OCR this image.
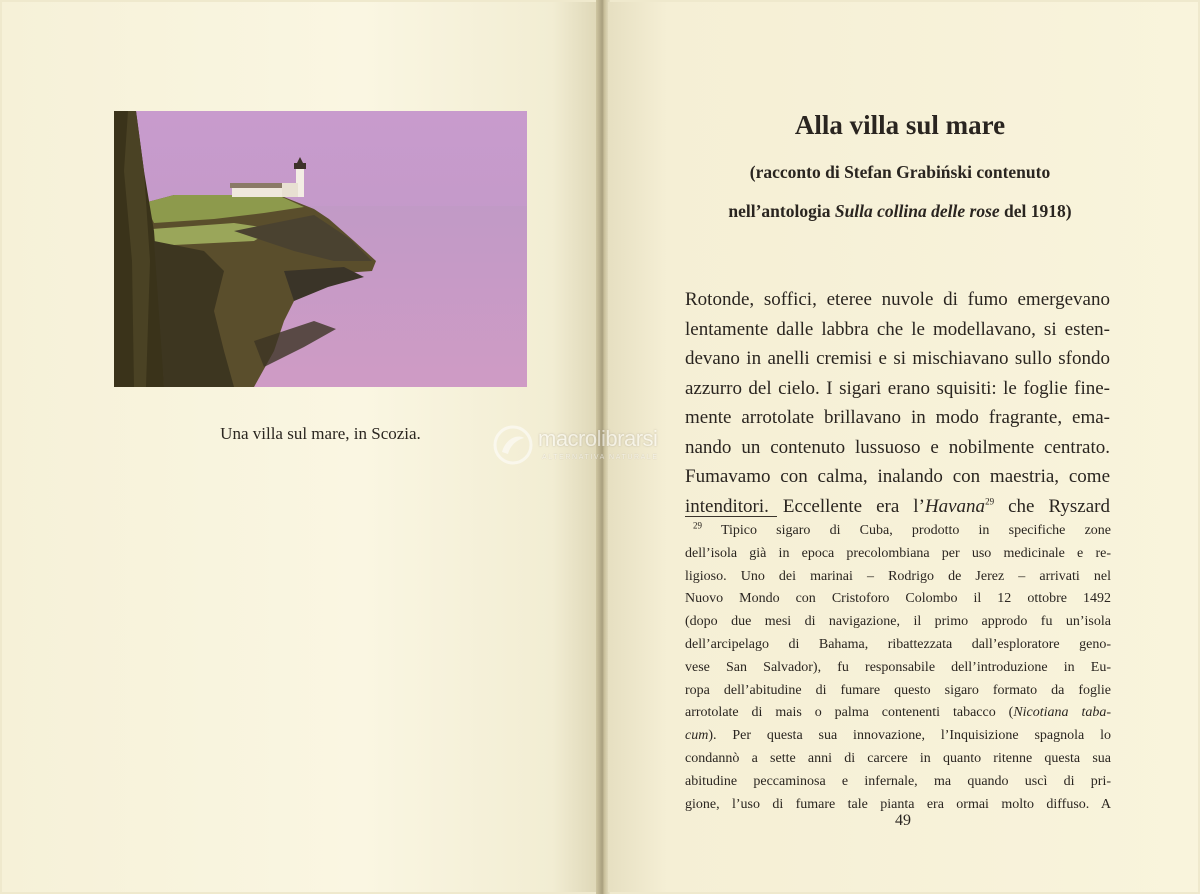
Una villa sul mare, in Scozia.
Alla villa sul mare
(racconto di Stefan Grabiński contenuto
nell’antologia Sulla collina delle rose del 1918)
Rotonde, soffici, eteree nuvole di fumo emergevano
lentamente dalle labbra che le modellavano, si esten-
devano in anelli cremisi e si mischiavano sullo sfondo
azzurro del cielo. I sigari erano squisiti: le foglie fine-
mente arrotolate brillavano in modo fragrante, ema-
nando un contenuto lussuoso e nobilmente centrato.
Fumavamo con calma, inalando con maestria, come
intenditori. Eccellente era l’Havana$^{29}$ che Ryszard
$^{29}$ Tipico sigaro di Cuba, prodotto in specifiche zone
dell’isola già in epoca precolombiana per uso medicinale e re-
ligioso. Uno dei marinai – Rodrigo de Jerez – arrivati nel
Nuovo Mondo con Cristoforo Colombo il 12 ottobre 1492
(dopo due mesi di navigazione, il primo approdo fu un’isola
dell’arcipelago di Bahama, ribattezzata dall’esploratore geno-
vese San Salvador), fu responsabile dell’introduzione in Eu-
ropa dell’abitudine di fumare questo sigaro formato da foglie
arrotolate di mais o palma contenenti tabacco (Nicotiana taba-
cum). Per questa sua innovazione, l’Inquisizione spagnola lo
condannò a sette anni di carcere in quanto ritenne questa sua
abitudine peccaminosa e infernale, ma quando uscì di pri-
gione, l’uso di fumare tale pianta era ormai molto diffuso. A
49
macrolibrarsi
ALTERNATIVA NATURALE
